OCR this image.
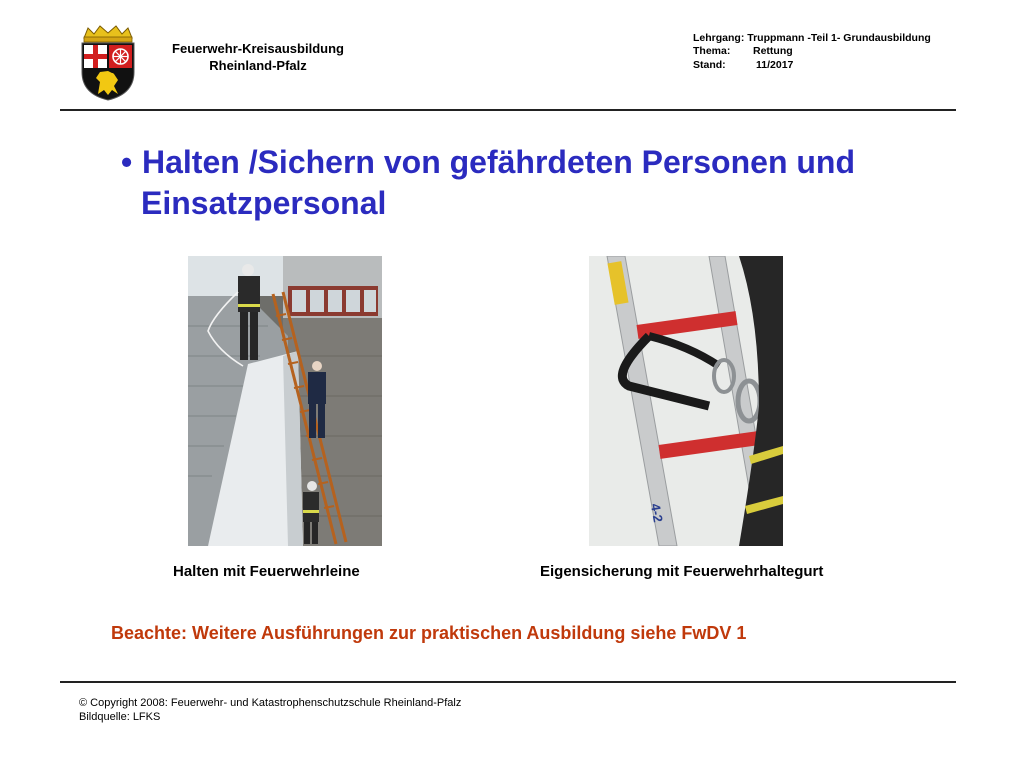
Feuerwehr-Kreisausbildung
Rheinland-Pfalz
Lehrgang: Truppmann -Teil 1- Grundausbildung
Thema: Rettung
Stand:	11/2017
• Halten /Sichern von gefährdeten Personen und
Einsatzpersonal
4-2
Halten mit Feuerwehrleine	Eigensicherung mit Feuerwehrhaltegurt
Beachte: Weitere Ausführungen zur praktischen Ausbildung siehe FwDV 1
© Copyright 2008: Feuerwehr- und Katastrophenschutzschule Rheinland-Pfalz
Bildquelle: LFKS
